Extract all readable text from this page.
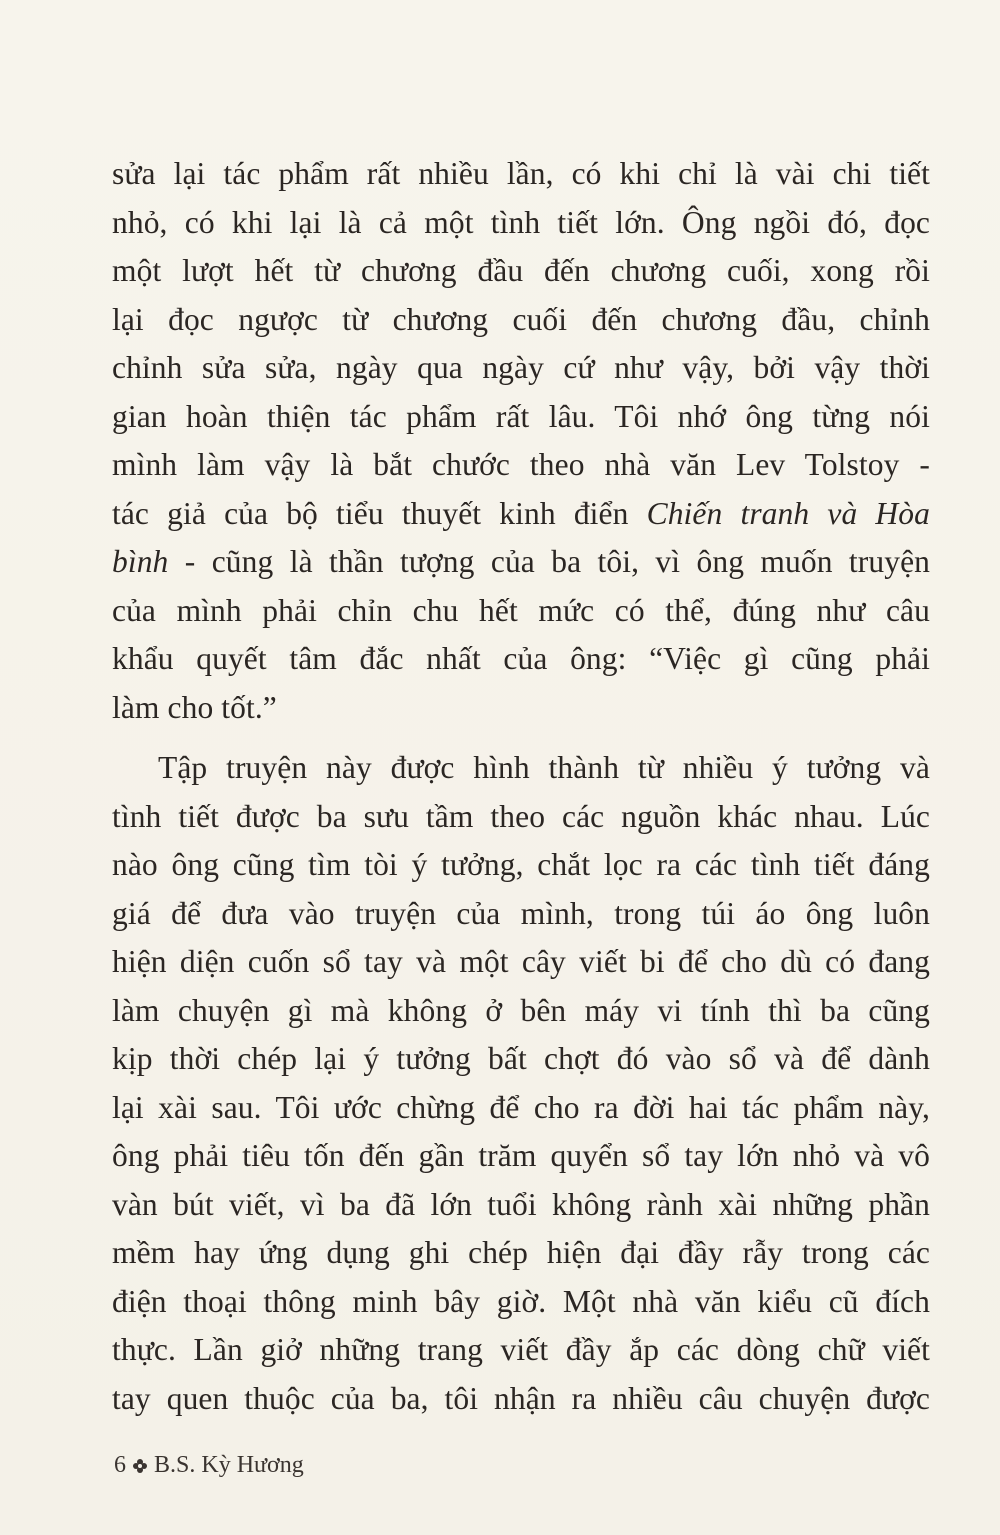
sửa lại tác phẩm rất nhiều lần, có khi chỉ là vài chi tiết
nhỏ, có khi lại là cả một tình tiết lớn. Ông ngồi đó, đọc
một lượt hết từ chương đầu đến chương cuối, xong rồi
lại đọc ngược từ chương cuối đến chương đầu, chỉnh
chỉnh sửa sửa, ngày qua ngày cứ như vậy, bởi vậy thời
gian hoàn thiện tác phẩm rất lâu. Tôi nhớ ông từng nói
mình làm vậy là bắt chước theo nhà văn Lev Tolstoy -
tác giả của bộ tiểu thuyết kinh điển Chiến tranh và Hòa
bình - cũng là thần tượng của ba tôi, vì ông muốn truyện
của mình phải chỉn chu hết mức có thể, đúng như câu
khẩu quyết tâm đắc nhất của ông: “Việc gì cũng phải
làm cho tốt.”
Tập truyện này được hình thành từ nhiều ý tưởng và
tình tiết được ba sưu tầm theo các nguồn khác nhau. Lúc
nào ông cũng tìm tòi ý tưởng, chắt lọc ra các tình tiết đáng
giá để đưa vào truyện của mình, trong túi áo ông luôn
hiện diện cuốn sổ tay và một cây viết bi để cho dù có đang
làm chuyện gì mà không ở bên máy vi tính thì ba cũng
kịp thời chép lại ý tưởng bất chợt đó vào sổ và để dành
lại xài sau. Tôi ước chừng để cho ra đời hai tác phẩm này,
ông phải tiêu tốn đến gần trăm quyển sổ tay lớn nhỏ và vô
vàn bút viết, vì ba đã lớn tuổi không rành xài những phần
mềm hay ứng dụng ghi chép hiện đại đầy rẫy trong các
điện thoại thông minh bây giờ. Một nhà văn kiểu cũ đích
thực. Lần giở những trang viết đầy ắp các dòng chữ viết
tay quen thuộc của ba, tôi nhận ra nhiều câu chuyện được
6 B.S. Kỳ Hương
